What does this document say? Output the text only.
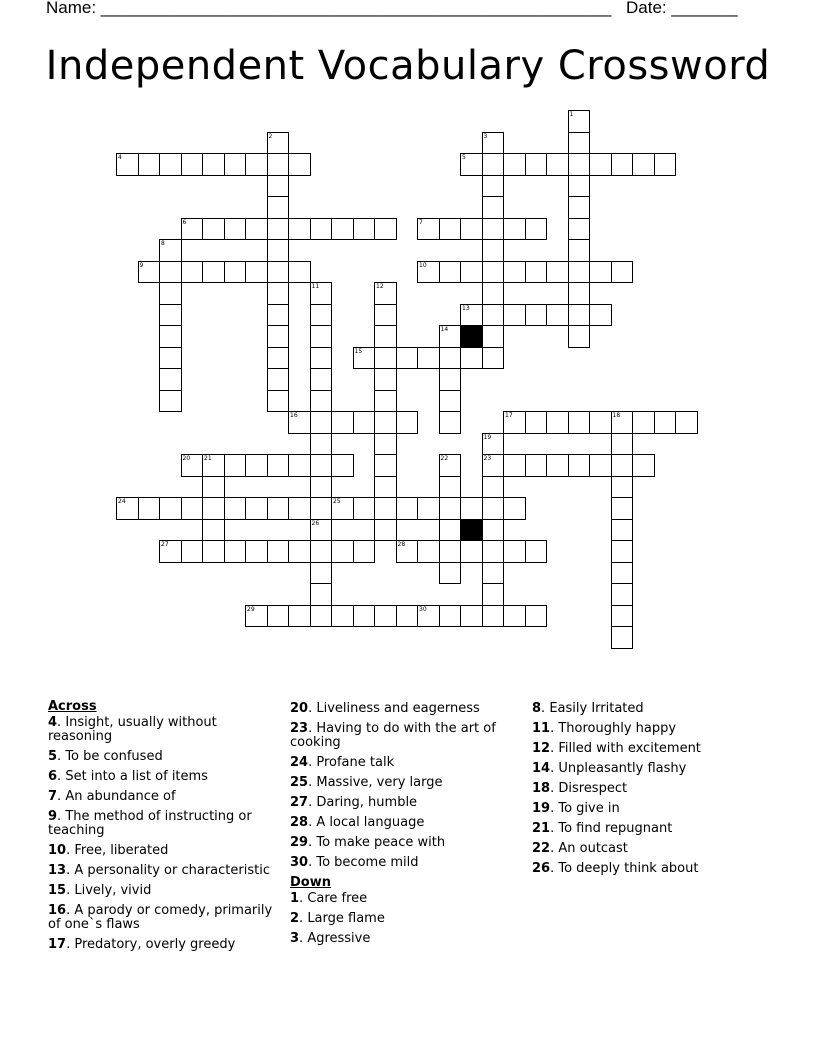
Name: ______________________________________________________ Date: _______
Independent Vocabulary Crossword
4	5
6	7
9	10
13
15
16	17
20	23
24	25
27	28
29	30
1
2	3
8
11	12
14
18
19
21	22
26
Across
4. Insight, usually without reasoning
5. To be confused
6. Set into a list of items
7. An abundance of
9. The method of instructing or teaching
10. Free, liberated
13. A personality or characteristic
15. Lively, vivid
16. A parody or comedy, primarily of one`s flaws
17. Predatory, overly greedy
20. Liveliness and eagerness
23. Having to do with the art of cooking
24. Profane talk
25. Massive, very large
27. Daring, humble
28. A local language
29. To make peace with
30. To become mild
Down
1. Care free
2. Large flame
3. Agressive
8. Easily Irritated
11. Thoroughly happy
12. Filled with excitement
14. Unpleasantly flashy
18. Disrespect
19. To give in
21. To find repugnant
22. An outcast
26. To deeply think about
